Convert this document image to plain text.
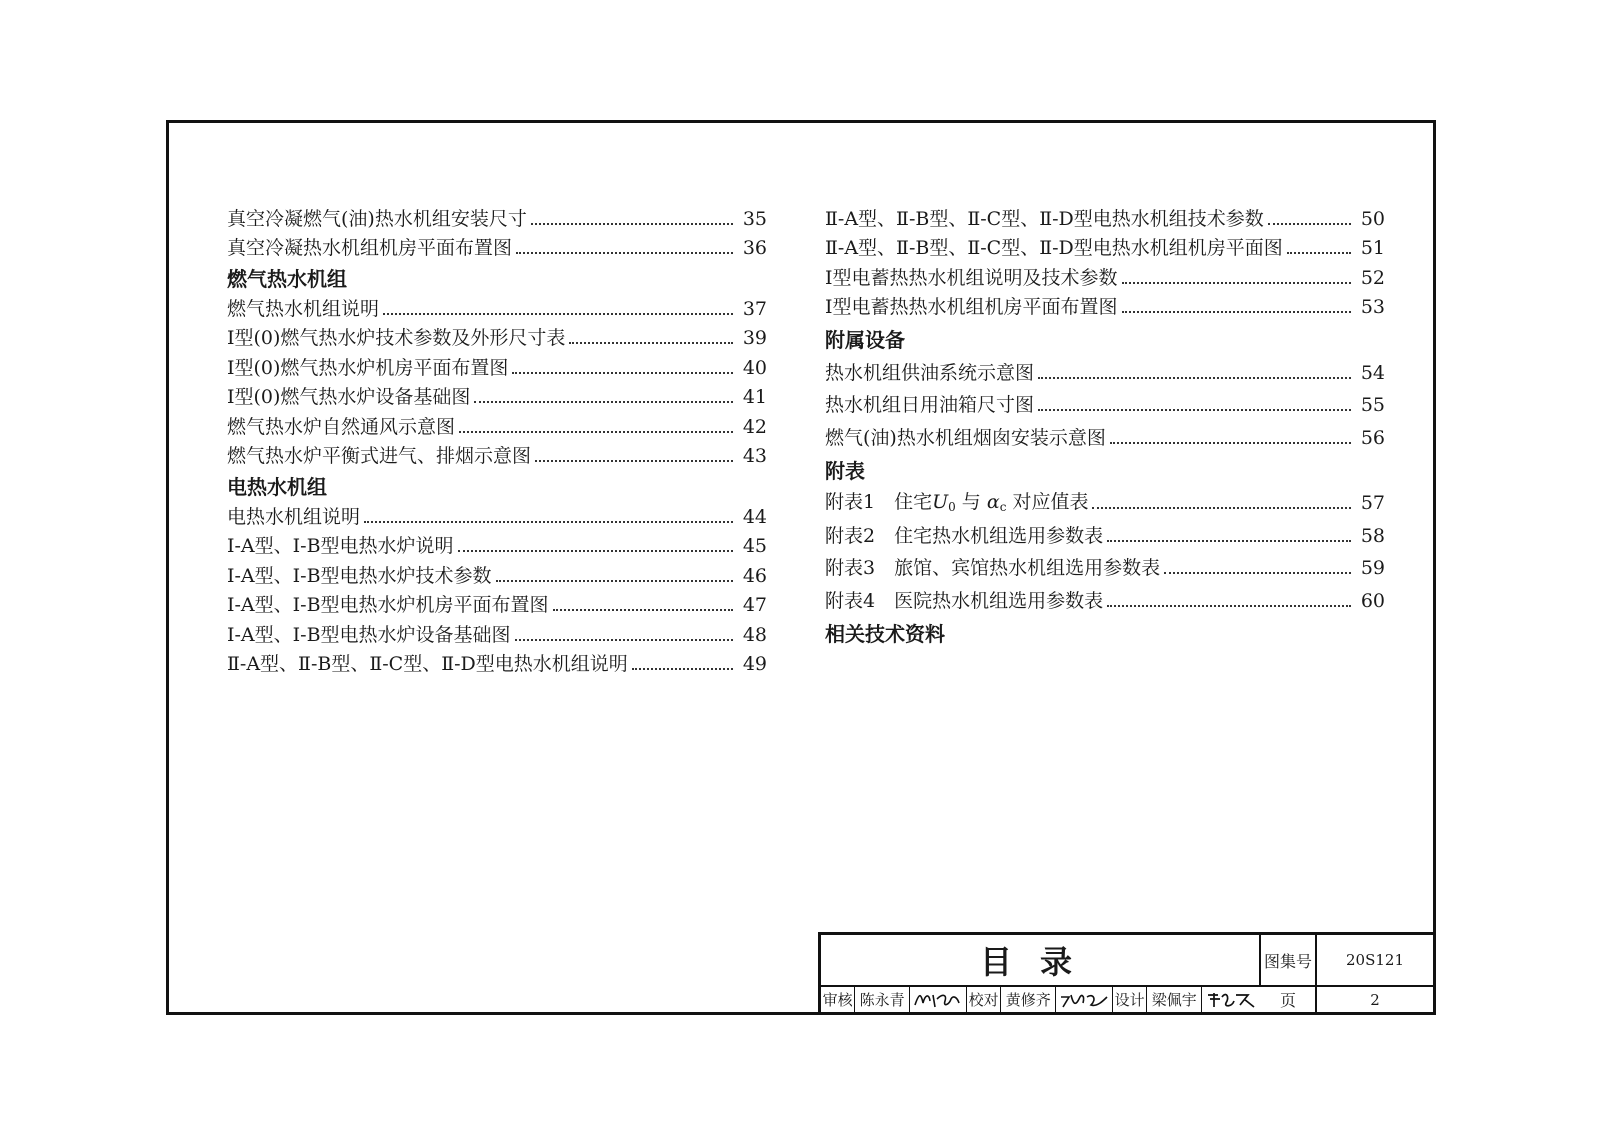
真空冷凝燃气(油)热水机组安装尺寸	35
真空冷凝热水机组机房平面布置图	36
燃气热水机组
燃气热水机组说明	37
I型(0)燃气热水炉技术参数及外形尺寸表	39
I型(0)燃气热水炉机房平面布置图	40
I型(0)燃气热水炉设备基础图	41
燃气热水炉自然通风示意图	42
燃气热水炉平衡式进气、排烟示意图	43
电热水机组
电热水机组说明	44
I-A型、I-B型电热水炉说明	45
I-A型、I-B型电热水炉技术参数	46
I-A型、I-B型电热水炉机房平面布置图	47
I-A型、I-B型电热水炉设备基础图	48
Ⅱ-A型、Ⅱ-B型、Ⅱ-C型、Ⅱ-D型电热水机组说明	49
Ⅱ-A型、Ⅱ-B型、Ⅱ-C型、Ⅱ-D型电热水机组技术参数	50
Ⅱ-A型、Ⅱ-B型、Ⅱ-C型、Ⅱ-D型电热水机组机房平面图	51
I型电蓄热热水机组说明及技术参数	52
I型电蓄热热水机组机房平面布置图	53
附属设备
热水机组供油系统示意图	54
热水机组日用油箱尺寸图	55
燃气(油)热水机组烟囱安装示意图	56
附表
附表1　住宅$U_0$ 与 $\alpha_c$ 对应值表	57
附表2　住宅热水机组选用参数表	58
附表3　旅馆、宾馆热水机组选用参数表	59
附表4　医院热水机组选用参数表	60
相关技术资料
目录	图集号	20S121
页	2
审核 陈永青	校对 黄修齐	设计 梁佩宇
